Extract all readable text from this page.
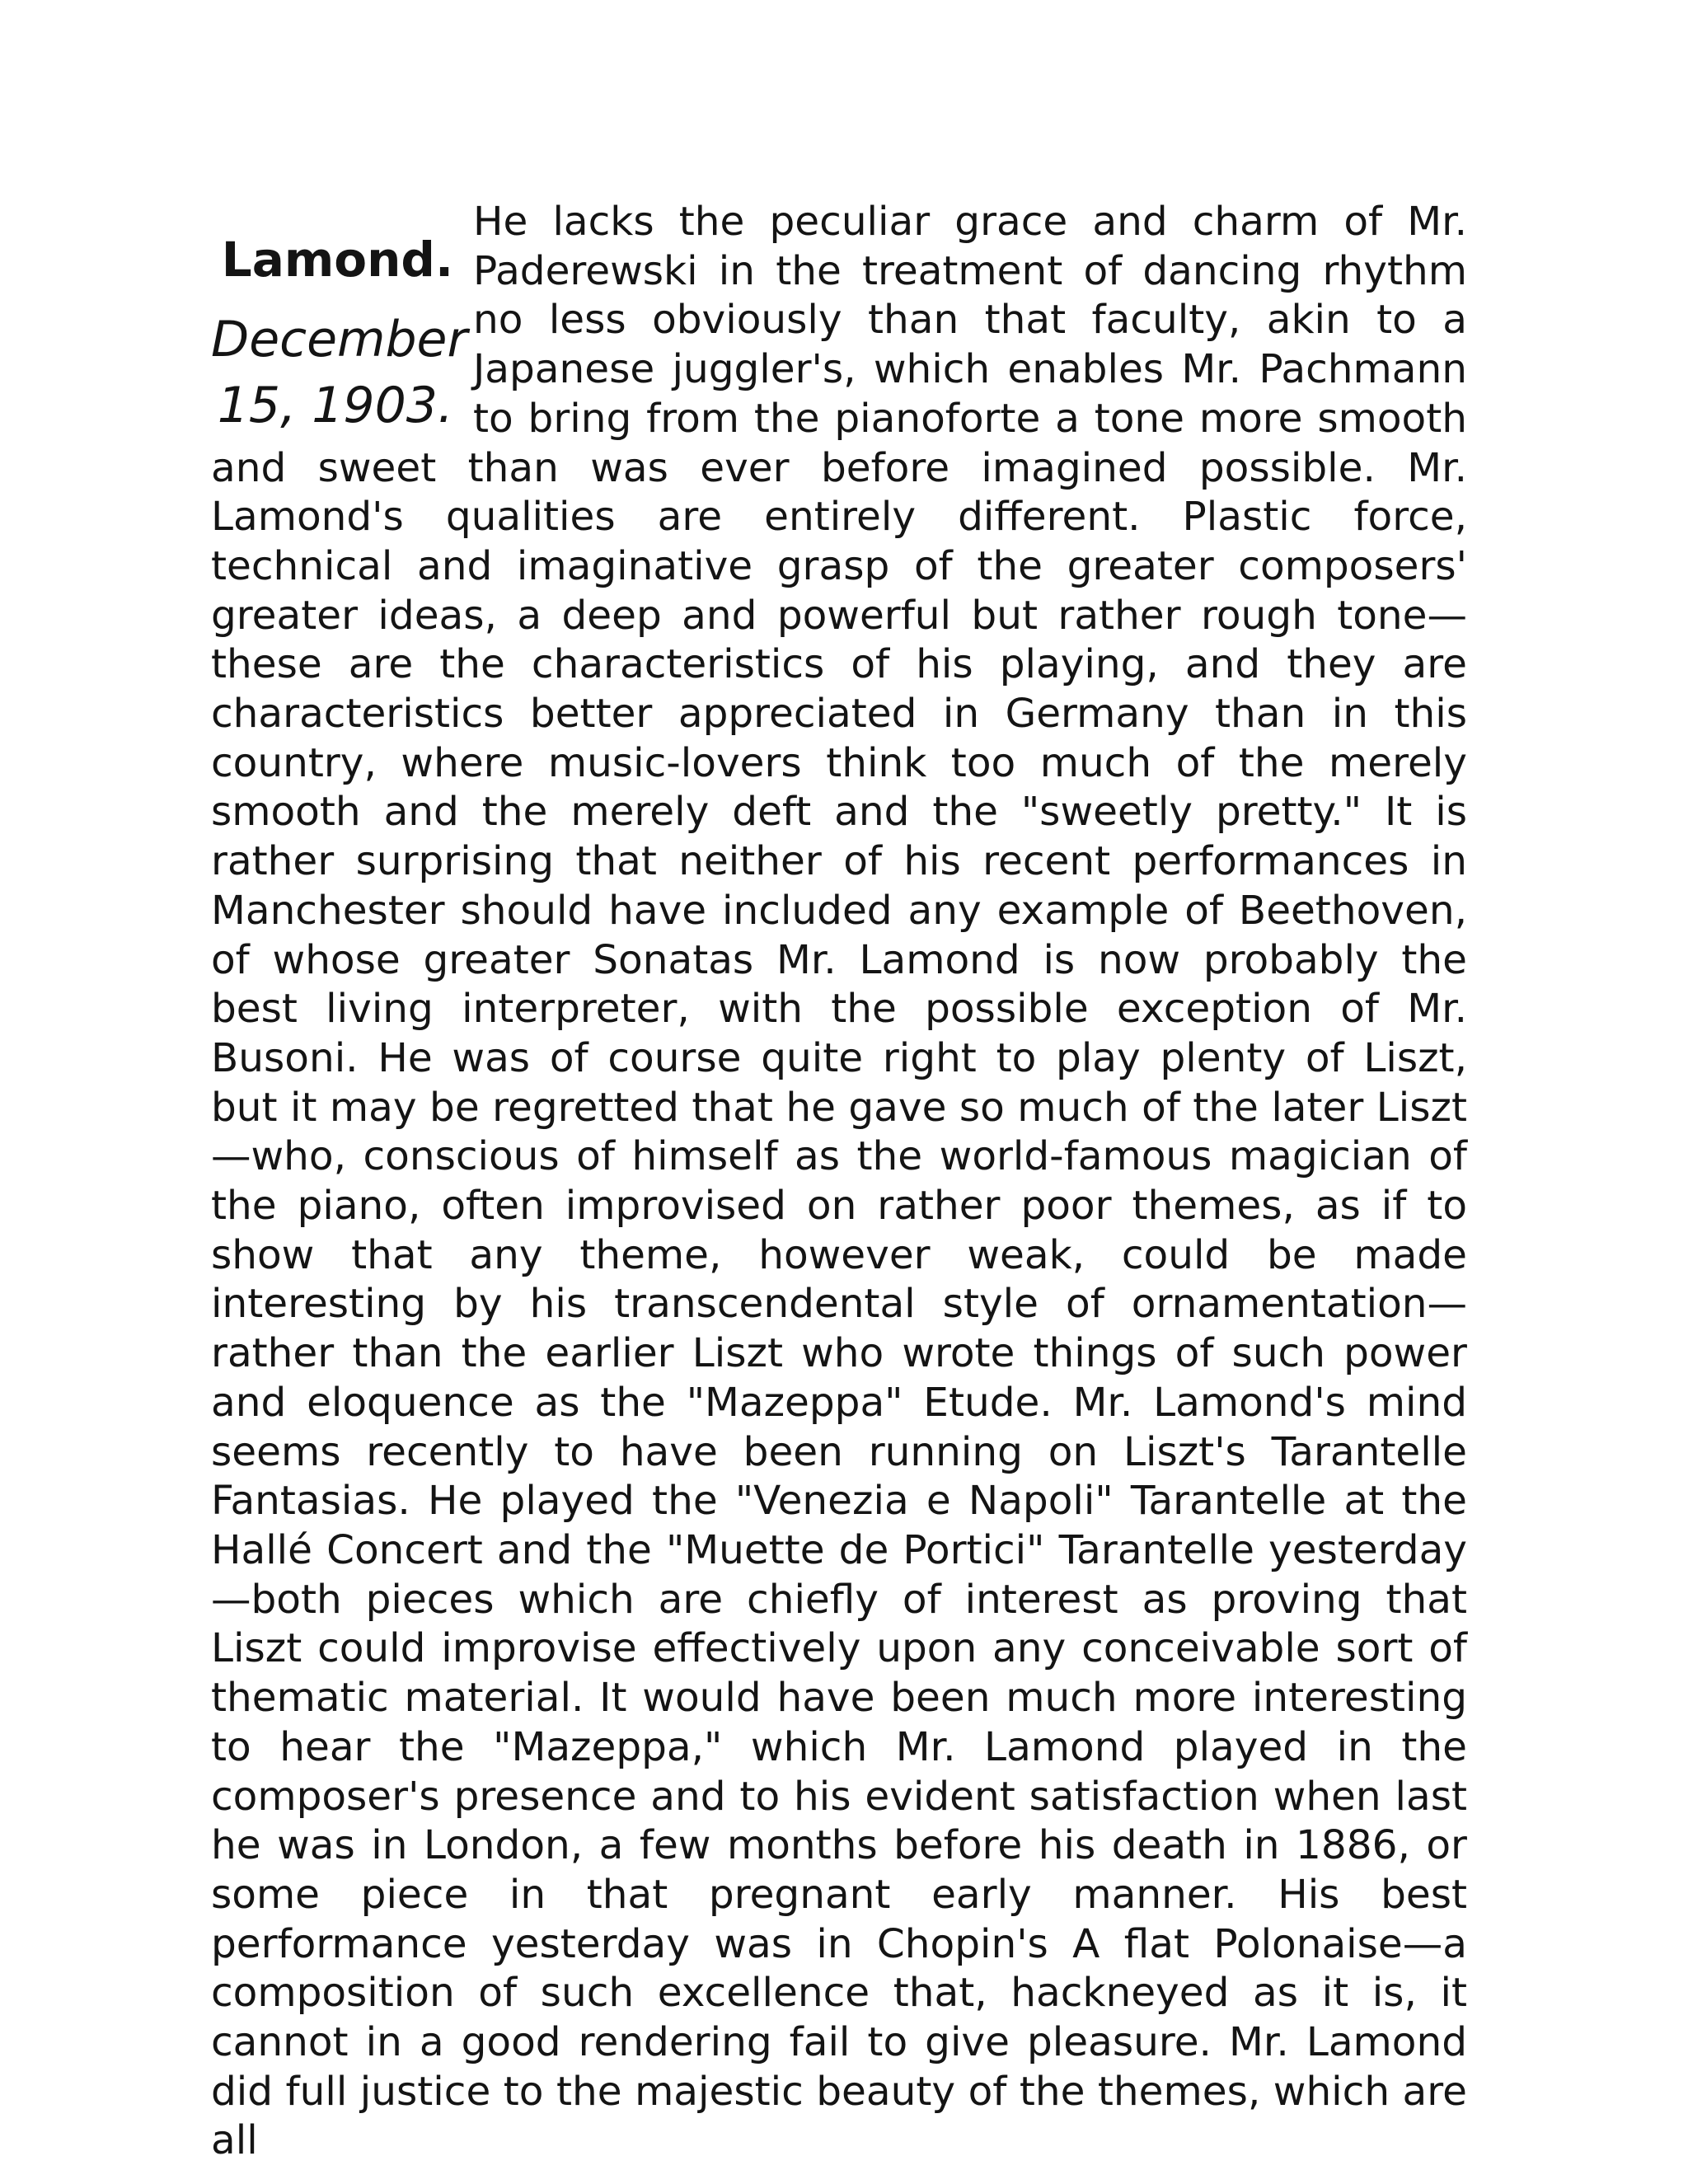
Lamond.
December 15, 1903.

He lacks the peculiar grace and charm of Mr. Paderewski in the treatment of dancing rhythm no less obviously than that faculty, akin to a Japanese juggler's, which enables Mr. Pachmann to bring from the pianoforte a tone more smooth and sweet than was ever before imagined possible. Mr. Lamond's qualities are entirely different. Plastic force, technical and imaginative grasp of the greater composers' greater ideas, a deep and powerful but rather rough tone—these are the characteristics of his playing, and they are characteristics better appreciated in Germany than in this country, where music-lovers think too much of the merely smooth and the merely deft and the "sweetly pretty." It is rather surprising that neither of his recent performances in Manchester should have included any example of Beethoven, of whose greater Sonatas Mr. Lamond is now probably the best living interpreter, with the possible exception of Mr. Busoni. He was of course quite right to play plenty of Liszt, but it may be regretted that he gave so much of the later Liszt—who, conscious of himself as the world-famous magician of the piano, often improvised on rather poor themes, as if to show that any theme, however weak, could be made interesting by his transcendental style of ornamentation—rather than the earlier Liszt who wrote things of such power and eloquence as the "Mazeppa" Etude. Mr. Lamond's mind seems recently to have been running on Liszt's Tarantelle Fantasias. He played the "Venezia e Napoli" Tarantelle at the Hallé Concert and the "Muette de Portici" Tarantelle yesterday—both pieces which are chiefly of interest as proving that Liszt could improvise effectively upon any conceivable sort of thematic material. It would have been much more interesting to hear the "Mazeppa," which Mr. Lamond played in the composer's presence and to his evident satisfaction when last he was in London, a few months before his death in 1886, or some piece in that pregnant early manner. His best performance yesterday was in Chopin's A flat Polonaise—a composition of such excellence that, hackneyed as it is, it cannot in a good rendering fail to give pleasure. Mr. Lamond did full justice to the majestic beauty of the themes, which are all
